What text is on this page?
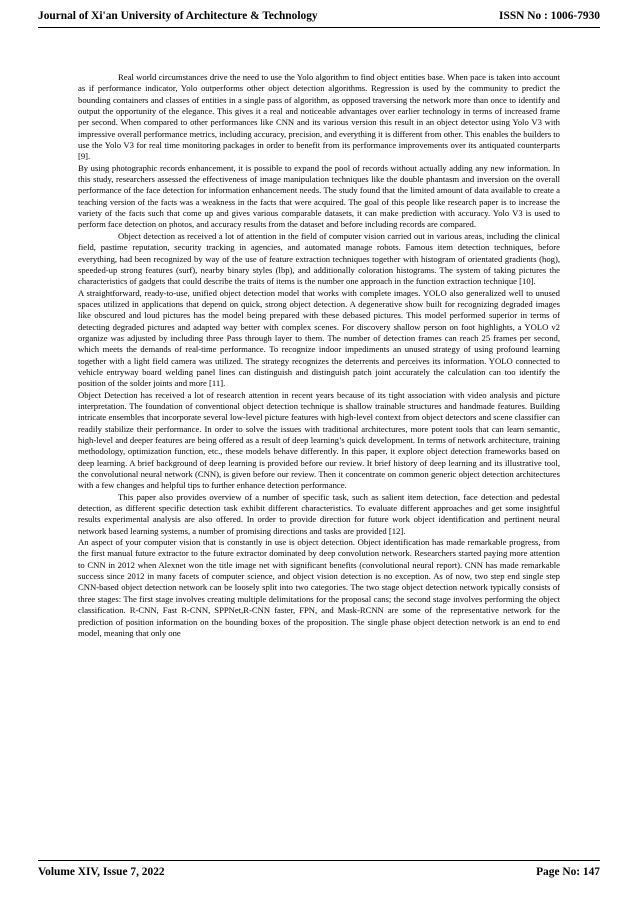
Journal of Xi'an University of Architecture & Technology	ISSN No : 1006-7930

Real world circumstances drive the need to use the Yolo algorithm to find object entities base. When pace is taken into account as if performance indicator, Yolo outperforms other object detection algorithms. Regression is used by the community to predict the bounding containers and classes of entities in a single pass of algorithm, as opposed traversing the network more than once to identify and output the opportunity of the elegance. This gives it a real and noticeable advantages over earlier technology in terms of increased frame per second. When compared to other performances like CNN and its various version this result in an object detector using Yolo V3 with impressive overall performance metrics, including accuracy, precision, and everything it is different from other. This enables the builders to use the Yolo V3 for real time monitoring packages in order to benefit from its performance improvements over its antiquated counterparts [9].

By using photographic records enhancement, it is possible to expand the pool of records without actually adding any new information. In this study, researchers assessed the effectiveness of image manipulation techniques like the double phantasm and inversion on the overall performance of the face detection for information enhancement needs. The study found that the limited amount of data available to create a teaching version of the facts was a weakness in the facts that were acquired. The goal of this people like research paper is to increase the variety of the facts such that come up and gives various comparable datasets, it can make prediction with accuracy. Yolo V3 is used to perform face detection on photos, and accuracy results from the dataset and before including records are compared.

Object detection as received a lot of attention in the field of computer vision carried out in various areas, including the clinical field, pastime reputation, security tracking in agencies, and automated manage robots. Famous item detection techniques, before everything, had been recognized by way of the use of feature extraction techniques together with histogram of orientated gradients (hog), speeded-up strong features (surf), nearby binary styles (lbp), and additionally coloration histograms. The system of taking pictures the characteristics of gadgets that could describe the traits of items is the number one approach in the function extraction technique [10].

A straightforward, ready-to-use, unified object detection model that works with complete images. YOLO also generalized well to unused spaces utilized in applications that depend on quick, strong object detection. A degenerative show built for recognizing degraded images like obscured and loud pictures has the model being prepared with these debased pictures. This model performed superior in terms of detecting degraded pictures and adapted way better with complex scenes. For discovery shallow person on foot highlights, a YOLO v2 organize was adjusted by including three Pass through layer to them. The number of detection frames can reach 25 frames per second, which meets the demands of real-time performance. To recognize indoor impediments an unused strategy of using profound learning together with a light field camera was utilized. The strategy recognizes the deterrents and perceives its information. YOLO connected to vehicle entryway board welding panel lines can distinguish and distinguish patch joint accurately the calculation can too identify the position of the solder joints and more [11].

Object Detection has received a lot of research attention in recent years because of its tight association with video analysis and picture interpretation. The foundation of conventional object detection technique is shallow trainable structures and handmade features. Building intricate ensembles that incorporate several low-level picture features with high-level context from object detectors and scene classifier can readily stabilize their performance. In order to solve the issues with traditional architectures, more potent tools that can learn semantic, high-level and deeper features are being offered as a result of deep learning’s quick development. In terms of network architecture, training methodology, optimization function, etc., these models behave differently. In this paper, it explore object detection frameworks based on deep learning. A brief background of deep learning is provided before our review. It brief history of deep learning and its illustrative tool, the convolutional neural network (CNN), is given before our review. Then it concentrate on common generic object detection architectures with a few changes and helpful tips to further enhance detection performance.

This paper also provides overview of a number of specific task, such as salient item detection, face detection and pedestal detection, as different specific detection task exhibit different characteristics. To evaluate different approaches and get some insightful results experimental analysis are also offered. In order to provide direction for future work object identification and pertinent neural network based learning systems, a number of promising directions and tasks are provided [12].

An aspect of your computer vision that is constantly in use is object detection. Object identification has made remarkable progress, from the first manual future extractor to the future extractor dominated by deep convolution network. Researchers started paying more attention to CNN in 2012 when Alexnet won the title image net with significant benefits (convolutional neural report). CNN has made remarkable success since 2012 in many facets of computer science, and object vision detection is no exception. As of now, two step end single step CNN-based object detection network can be loosely split into two categories. The two stage object detection network typically consists of three stages: The first stage involves creating multiple delimitations for the proposal cans; the second stage involves performing the object classification. R-CNN, Fast R-CNN, SPPNet,R-CNN faster, FPN, and Mask-RCNN are some of the representative network for the prediction of position information on the bounding boxes of the proposition. The single phase object detection network is an end to end model, meaning that only one

Volume XIV, Issue 7, 2022	Page No: 147
